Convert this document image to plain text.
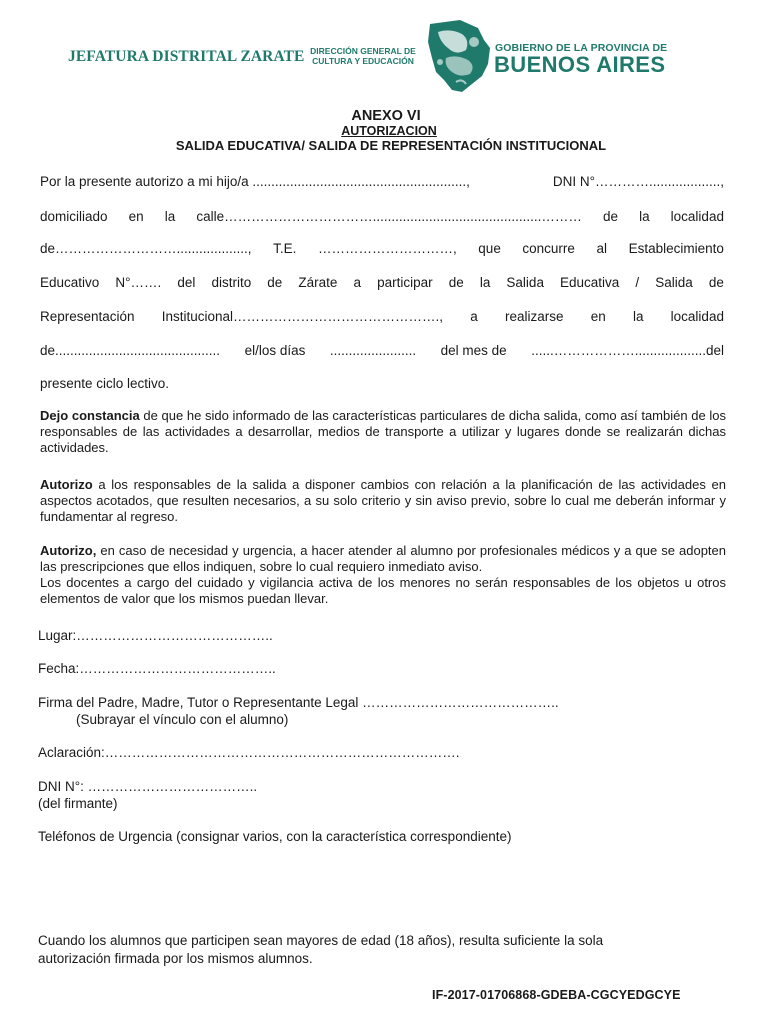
JEFATURA DISTRITAL ZARATE DIRECCIÓN GENERAL DE
CULTURA Y EDUCACIÓN
GOBIERNO DE LA PROVINCIA DE
BUENOS AIRES
ANEXO VI
AUTORIZACION
SALIDA EDUCATIVA/ SALIDA DE REPRESENTACIÓN INSTITUCIONAL
Por la presente autorizo a mi hijo/a .........................................................,	DNI N°…………...................,
domiciliado en la calle…………………………….............................................……… de la localidad
de………………………..................., T.E. …………………………, que concurre al Establecimiento
Educativo N°……. del distrito de Zárate a participar de la Salida Educativa / Salida de
Representación Institucional………………………………………., a realizarse en la localidad
de............................................ el/los días ....................... del mes de ......………………...................del
presente ciclo lectivo.
Dejo constancia de que he sido informado de las características particulares de dicha salida, como así también de los responsables de las actividades a desarrollar, medios de transporte a utilizar y lugares donde se realizarán dichas actividades.
Autorizo a los responsables de la salida a disponer cambios con relación a la planificación de las actividades en aspectos acotados, que resulten necesarios, a su solo criterio y sin aviso previo, sobre lo cual me deberán informar y fundamentar al regreso.
Autorizo, en caso de necesidad y urgencia, a hacer atender al alumno por profesionales médicos y a que se adopten las prescripciones que ellos indiquen, sobre lo cual requiero inmediato aviso.
Los docentes a cargo del cuidado y vigilancia activa de los menores no serán responsables de los objetos u otros elementos de valor que los mismos puedan llevar.
Lugar:……………………………………..
Fecha:……………………………………..
Firma del Padre, Madre, Tutor o Representante Legal ……………………………………..
(Subrayar el vínculo con el alumno)
Aclaración:…………………………………………………………………….
DNI N°: ………………………………..
(del firmante)
Teléfonos de Urgencia (consignar varios, con la característica correspondiente)
Cuando los alumnos que participen sean mayores de edad (18 años), resulta suficiente la sola autorización firmada por los mismos alumnos.
IF-2017-01706868-GDEBA-CGCYEDGCYE
